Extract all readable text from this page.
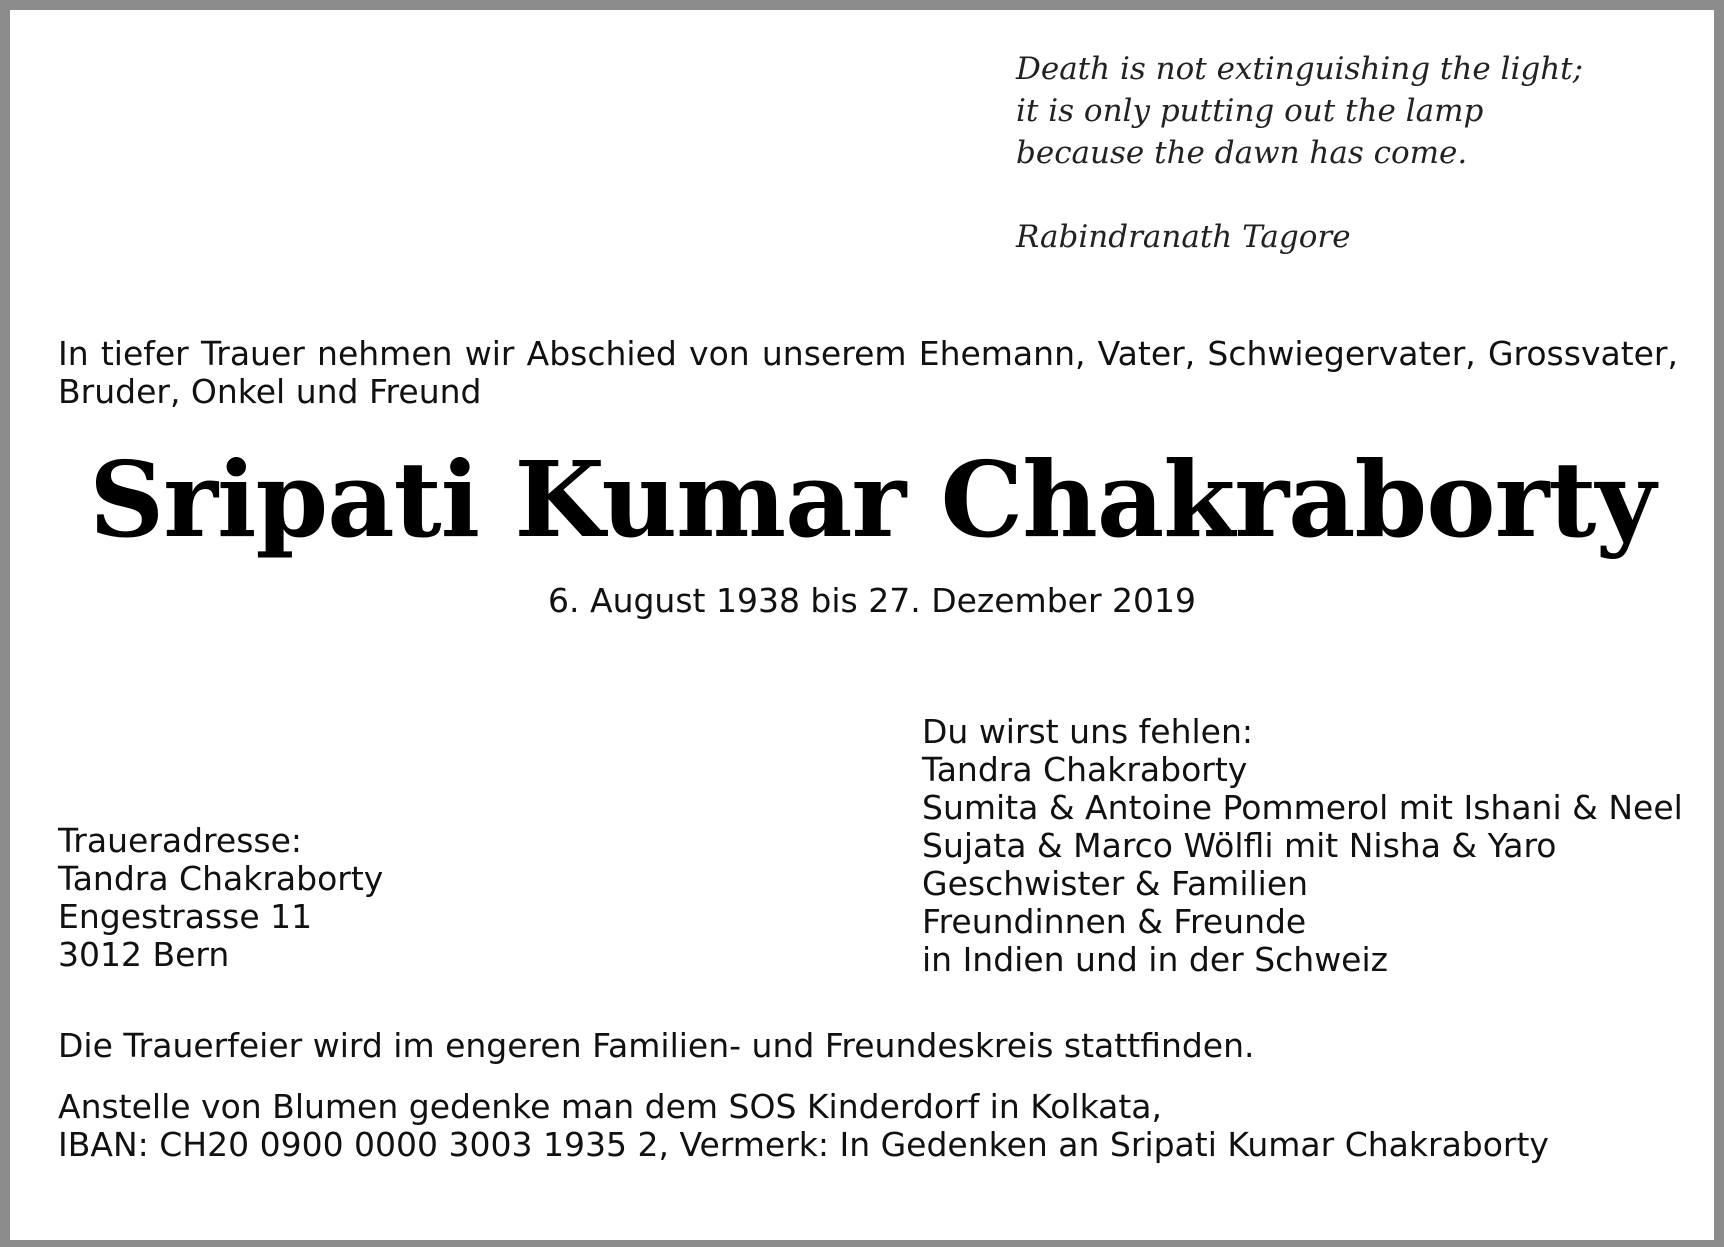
Death is not extinguishing the light;
it is only putting out the lamp
because the dawn has come.
Rabindranath Tagore
In tiefer Trauer nehmen wir Abschied von unserem Ehemann, Vater, Schwiegervater, Grossvater, Bruder, Onkel und Freund
Sripati Kumar Chakraborty
6. August 1938 bis 27. Dezember 2019
Du wirst uns fehlen:
Tandra Chakraborty
Sumita & Antoine Pommerol mit Ishani & Neel
Sujata & Marco Wölfli mit Nisha & Yaro
Geschwister & Familien
Freundinnen & Freunde
in Indien und in der Schweiz
Traueradresse:
Tandra Chakraborty
Engestrasse 11
3012 Bern
Die Trauerfeier wird im engeren Familien- und Freundeskreis stattfinden.
Anstelle von Blumen gedenke man dem SOS Kinderdorf in Kolkata,
IBAN: CH20 0900 0000 3003 1935 2, Vermerk: In Gedenken an Sripati Kumar Chakraborty
